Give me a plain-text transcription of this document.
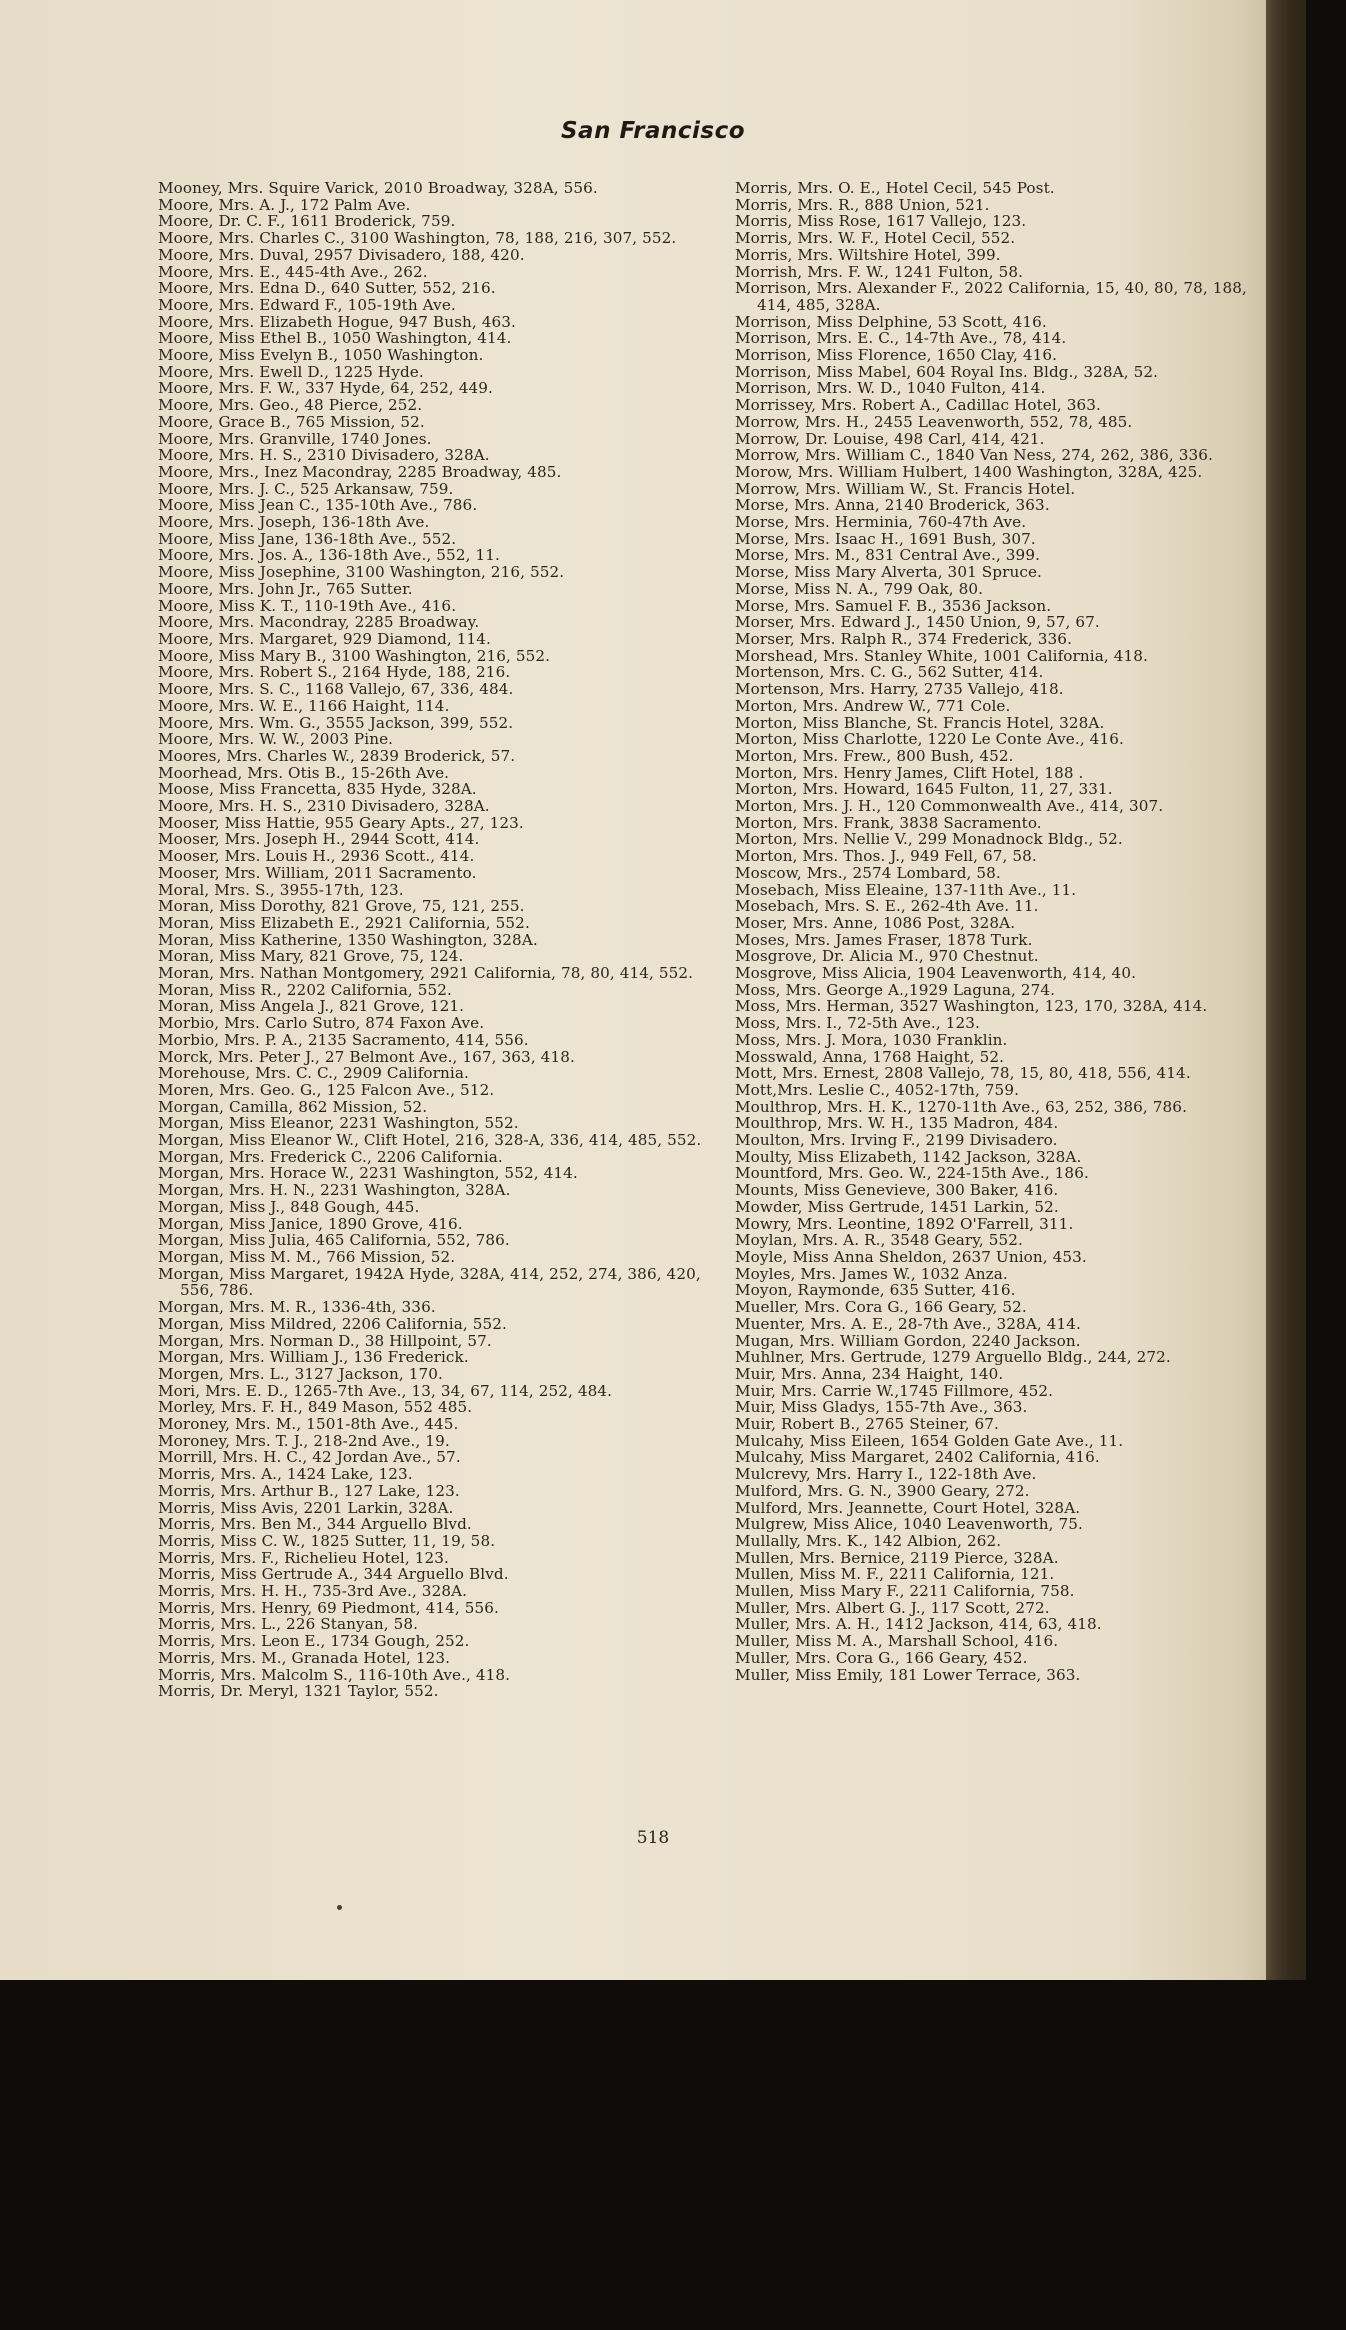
San Francisco
Mooney, Mrs. Squire Varick, 2010 Broadway, 328A, 556.
Moore, Mrs. A. J., 172 Palm Ave.
Moore, Dr. C. F., 1611 Broderick, 759.
Moore, Mrs. Charles C., 3100 Washington, 78, 188, 216, 307, 552.
Moore, Mrs. Duval, 2957 Divisadero, 188, 420.
Moore, Mrs. E., 445-4th Ave., 262.
Moore, Mrs. Edna D., 640 Sutter, 552, 216.
Moore, Mrs. Edward F., 105-19th Ave.
Moore, Mrs. Elizabeth Hogue, 947 Bush, 463.
Moore, Miss Ethel B., 1050 Washington, 414.
Moore, Miss Evelyn B., 1050 Washington.
Moore, Mrs. Ewell D., 1225 Hyde.
Moore, Mrs. F. W., 337 Hyde, 64, 252, 449.
Moore, Mrs. Geo., 48 Pierce, 252.
Moore, Grace B., 765 Mission, 52.
Moore, Mrs. Granville, 1740 Jones.
Moore, Mrs. H. S., 2310 Divisadero, 328A.
Moore, Mrs., Inez Macondray, 2285 Broadway, 485.
Moore, Mrs. J. C., 525 Arkansaw, 759.
Moore, Miss Jean C., 135-10th Ave., 786.
Moore, Mrs. Joseph, 136-18th Ave.
Moore, Miss Jane, 136-18th Ave., 552.
Moore, Mrs. Jos. A., 136-18th Ave., 552, 11.
Moore, Miss Josephine, 3100 Washington, 216, 552.
Moore, Mrs. John Jr., 765 Sutter.
Moore, Miss K. T., 110-19th Ave., 416.
Moore, Mrs. Macondray, 2285 Broadway.
Moore, Mrs. Margaret, 929 Diamond, 114.
Moore, Miss Mary B., 3100 Washington, 216, 552.
Moore, Mrs. Robert S., 2164 Hyde, 188, 216.
Moore, Mrs. S. C., 1168 Vallejo, 67, 336, 484.
Moore, Mrs. W. E., 1166 Haight, 114.
Moore, Mrs. Wm. G., 3555 Jackson, 399, 552.
Moore, Mrs. W. W., 2003 Pine.
Moores, Mrs. Charles W., 2839 Broderick, 57.
Moorhead, Mrs. Otis B., 15-26th Ave.
Moose, Miss Francetta, 835 Hyde, 328A.
Moore, Mrs. H. S., 2310 Divisadero, 328A.
Mooser, Miss Hattie, 955 Geary Apts., 27, 123.
Mooser, Mrs. Joseph H., 2944 Scott, 414.
Mooser, Mrs. Louis H., 2936 Scott., 414.
Mooser, Mrs. William, 2011 Sacramento.
Moral, Mrs. S., 3955-17th, 123.
Moran, Miss Dorothy, 821 Grove, 75, 121, 255.
Moran, Miss Elizabeth E., 2921 California, 552.
Moran, Miss Katherine, 1350 Washington, 328A.
Moran, Miss Mary, 821 Grove, 75, 124.
Moran, Mrs. Nathan Montgomery, 2921 California, 78, 80, 414, 552.
Moran, Miss R., 2202 California, 552.
Moran, Miss Angela J., 821 Grove, 121.
Morbio, Mrs. Carlo Sutro, 874 Faxon Ave.
Morbio, Mrs. P. A., 2135 Sacramento, 414, 556.
Morck, Mrs. Peter J., 27 Belmont Ave., 167, 363, 418.
Morehouse, Mrs. C. C., 2909 California.
Moren, Mrs. Geo. G., 125 Falcon Ave., 512.
Morgan, Camilla, 862 Mission, 52.
Morgan, Miss Eleanor, 2231 Washington, 552.
Morgan, Miss Eleanor W., Clift Hotel, 216, 328-A, 336, 414, 485, 552.
Morgan, Mrs. Frederick C., 2206 California.
Morgan, Mrs. Horace W., 2231 Washington, 552, 414.
Morgan, Mrs. H. N., 2231 Washington, 328A.
Morgan, Miss J., 848 Gough, 445.
Morgan, Miss Janice, 1890 Grove, 416.
Morgan, Miss Julia, 465 California, 552, 786.
Morgan, Miss M. M., 766 Mission, 52.
Morgan, Miss Margaret, 1942A Hyde, 328A, 414, 252, 274, 386, 420, 556, 786.
Morgan, Mrs. M. R., 1336-4th, 336.
Morgan, Miss Mildred, 2206 California, 552.
Morgan, Mrs. Norman D., 38 Hillpoint, 57.
Morgan, Mrs. William J., 136 Frederick.
Morgen, Mrs. L., 3127 Jackson, 170.
Mori, Mrs. E. D., 1265-7th Ave., 13, 34, 67, 114, 252, 484.
Morley, Mrs. F. H., 849 Mason, 552 485.
Moroney, Mrs. M., 1501-8th Ave., 445.
Moroney, Mrs. T. J., 218-2nd Ave., 19.
Morrill, Mrs. H. C., 42 Jordan Ave., 57.
Morris, Mrs. A., 1424 Lake, 123.
Morris, Mrs. Arthur B., 127 Lake, 123.
Morris, Miss Avis, 2201 Larkin, 328A.
Morris, Mrs. Ben M., 344 Arguello Blvd.
Morris, Miss C. W., 1825 Sutter, 11, 19, 58.
Morris, Mrs. F., Richelieu Hotel, 123.
Morris, Miss Gertrude A., 344 Arguello Blvd.
Morris, Mrs. H. H., 735-3rd Ave., 328A.
Morris, Mrs. Henry, 69 Piedmont, 414, 556.
Morris, Mrs. L., 226 Stanyan, 58.
Morris, Mrs. Leon E., 1734 Gough, 252.
Morris, Mrs. M., Granada Hotel, 123.
Morris, Mrs. Malcolm S., 116-10th Ave., 418.
Morris, Dr. Meryl, 1321 Taylor, 552.
Morris, Mrs. O. E., Hotel Cecil, 545 Post.
Morris, Mrs. R., 888 Union, 521.
Morris, Miss Rose, 1617 Vallejo, 123.
Morris, Mrs. W. F., Hotel Cecil, 552.
Morris, Mrs. Wiltshire Hotel, 399.
Morrish, Mrs. F. W., 1241 Fulton, 58.
Morrison, Mrs. Alexander F., 2022 California, 15, 40, 80, 78, 188, 414, 485, 328A.
Morrison, Miss Delphine, 53 Scott, 416.
Morrison, Mrs. E. C., 14-7th Ave., 78, 414.
Morrison, Miss Florence, 1650 Clay, 416.
Morrison, Miss Mabel, 604 Royal Ins. Bldg., 328A, 52.
Morrison, Mrs. W. D., 1040 Fulton, 414.
Morrissey, Mrs. Robert A., Cadillac Hotel, 363.
Morrow, Mrs. H., 2455 Leavenworth, 552, 78, 485.
Morrow, Dr. Louise, 498 Carl, 414, 421.
Morrow, Mrs. William C., 1840 Van Ness, 274, 262, 386, 336.
Morow, Mrs. William Hulbert, 1400 Washington, 328A, 425.
Morrow, Mrs. William W., St. Francis Hotel.
Morse, Mrs. Anna, 2140 Broderick, 363.
Morse, Mrs. Herminia, 760-47th Ave.
Morse, Mrs. Isaac H., 1691 Bush, 307.
Morse, Mrs. M., 831 Central Ave., 399.
Morse, Miss Mary Alverta, 301 Spruce.
Morse, Miss N. A., 799 Oak, 80.
Morse, Mrs. Samuel F. B., 3536 Jackson.
Morser, Mrs. Edward J., 1450 Union, 9, 57, 67.
Morser, Mrs. Ralph R., 374 Frederick, 336.
Morshead, Mrs. Stanley White, 1001 California, 418.
Mortenson, Mrs. C. G., 562 Sutter, 414.
Mortenson, Mrs. Harry, 2735 Vallejo, 418.
Morton, Mrs. Andrew W., 771 Cole.
Morton, Miss Blanche, St. Francis Hotel, 328A.
Morton, Miss Charlotte, 1220 Le Conte Ave., 416.
Morton, Mrs. Frew., 800 Bush, 452.
Morton, Mrs. Henry James, Clift Hotel, 188 .
Morton, Mrs. Howard, 1645 Fulton, 11, 27, 331.
Morton, Mrs. J. H., 120 Commonwealth Ave., 414, 307.
Morton, Mrs. Frank, 3838 Sacramento.
Morton, Mrs. Nellie V., 299 Monadnock Bldg., 52.
Morton, Mrs. Thos. J., 949 Fell, 67, 58.
Moscow, Mrs., 2574 Lombard, 58.
Mosebach, Miss Eleaine, 137-11th Ave., 11.
Mosebach, Mrs. S. E., 262-4th Ave. 11.
Moser, Mrs. Anne, 1086 Post, 328A.
Moses, Mrs. James Fraser, 1878 Turk.
Mosgrove, Dr. Alicia M., 970 Chestnut.
Mosgrove, Miss Alicia, 1904 Leavenworth, 414, 40.
Moss, Mrs. George A.,1929 Laguna, 274.
Moss, Mrs. Herman, 3527 Washington, 123, 170, 328A, 414.
Moss, Mrs. I., 72-5th Ave., 123.
Moss, Mrs. J. Mora, 1030 Franklin.
Mosswald, Anna, 1768 Haight, 52.
Mott, Mrs. Ernest, 2808 Vallejo, 78, 15, 80, 418, 556, 414.
Mott,Mrs. Leslie C., 4052-17th, 759.
Moulthrop, Mrs. H. K., 1270-11th Ave., 63, 252, 386, 786.
Moulthrop, Mrs. W. H., 135 Madron, 484.
Moulton, Mrs. Irving F., 2199 Divisadero.
Moulty, Miss Elizabeth, 1142 Jackson, 328A.
Mountford, Mrs. Geo. W., 224-15th Ave., 186.
Mounts, Miss Genevieve, 300 Baker, 416.
Mowder, Miss Gertrude, 1451 Larkin, 52.
Mowry, Mrs. Leontine, 1892 O'Farrell, 311.
Moylan, Mrs. A. R., 3548 Geary, 552.
Moyle, Miss Anna Sheldon, 2637 Union, 453.
Moyles, Mrs. James W., 1032 Anza.
Moyon, Raymonde, 635 Sutter, 416.
Mueller, Mrs. Cora G., 166 Geary, 52.
Muenter, Mrs. A. E., 28-7th Ave., 328A, 414.
Mugan, Mrs. William Gordon, 2240 Jackson.
Muhlner, Mrs. Gertrude, 1279 Arguello Bldg., 244, 272.
Muir, Mrs. Anna, 234 Haight, 140.
Muir, Mrs. Carrie W.,1745 Fillmore, 452.
Muir, Miss Gladys, 155-7th Ave., 363.
Muir, Robert B., 2765 Steiner, 67.
Mulcahy, Miss Eileen, 1654 Golden Gate Ave., 11.
Mulcahy, Miss Margaret, 2402 California, 416.
Mulcrevy, Mrs. Harry I., 122-18th Ave.
Mulford, Mrs. G. N., 3900 Geary, 272.
Mulford, Mrs. Jeannette, Court Hotel, 328A.
Mulgrew, Miss Alice, 1040 Leavenworth, 75.
Mullally, Mrs. K., 142 Albion, 262.
Mullen, Mrs. Bernice, 2119 Pierce, 328A.
Mullen, Miss M. F., 2211 California, 121.
Mullen, Miss Mary F., 2211 California, 758.
Muller, Mrs. Albert G. J., 117 Scott, 272.
Muller, Mrs. A. H., 1412 Jackson, 414, 63, 418.
Muller, Miss M. A., Marshall School, 416.
Muller, Mrs. Cora G., 166 Geary, 452.
Muller, Miss Emily, 181 Lower Terrace, 363.
518
